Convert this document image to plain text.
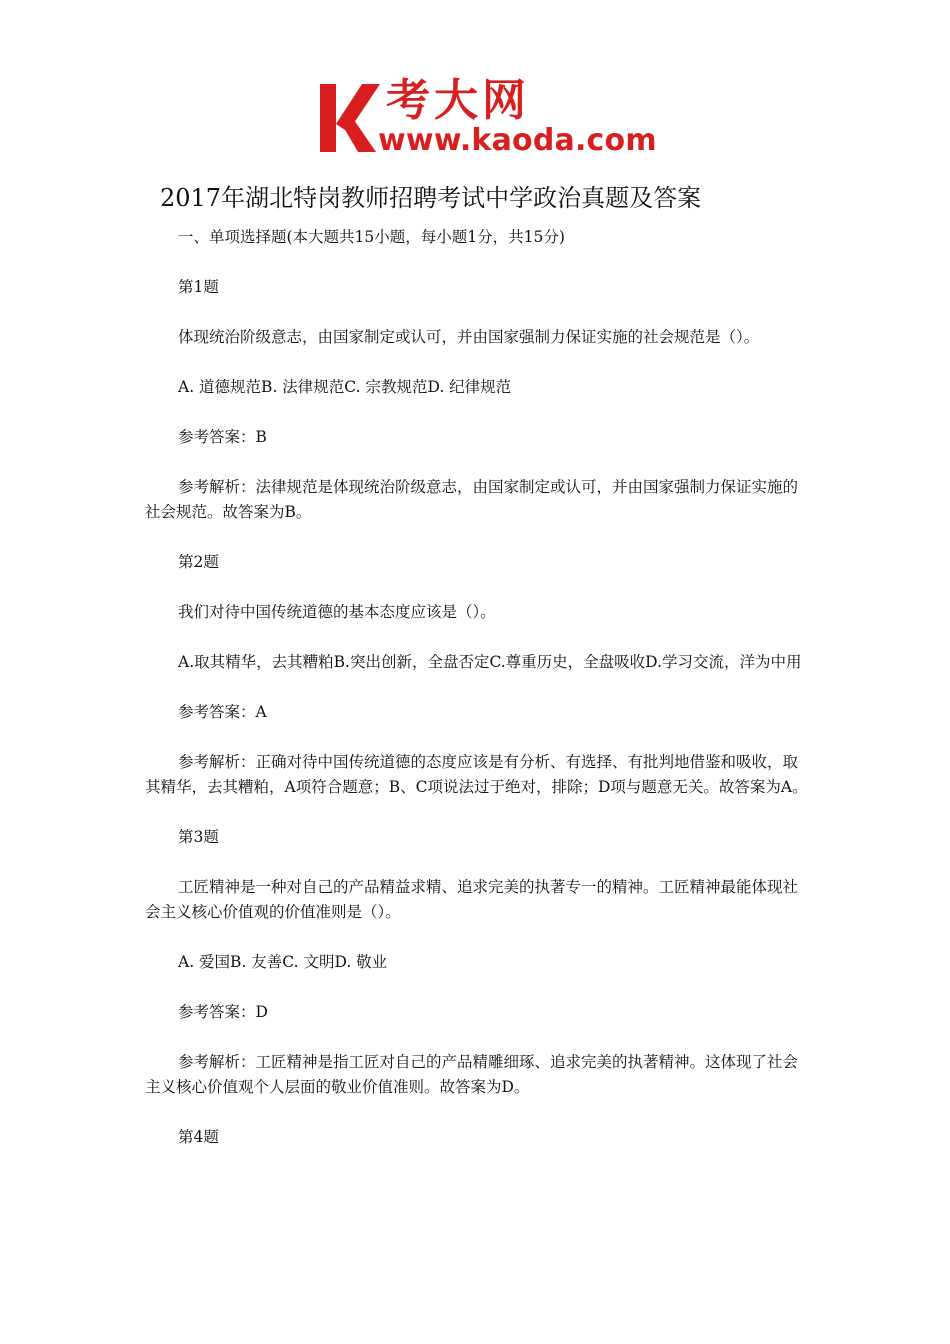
考大网

www.kaoda.com

2017年湖北特岗教师招聘考试中学政治真题及答案

一、单项选择题(本大题共15小题，每小题1分，共15分)

第1题

体现统治阶级意志，由国家制定或认可，并由国家强制力保证实施的社会规范是（）。

A. 道德规范B. 法律规范C. 宗教规范D. 纪律规范

参考答案：B

参考解析：法律规范是体现统治阶级意志，由国家制定或认可，并由国家强制力保证实施的社会规范。故答案为B。

第2题

我们对待中国传统道德的基本态度应该是（）。

A.取其精华，去其糟粕B.突出创新，全盘否定C.尊重历史，全盘吸收D.学习交流，洋为中用

参考答案：A

参考解析：正确对待中国传统道德的态度应该是有分析、有选择、有批判地借鉴和吸收，取其精华，去其糟粕，A项符合题意；B、C项说法过于绝对，排除；D项与题意无关。故答案为A。

第3题

工匠精神是一种对自己的产品精益求精、追求完美的执著专一的精神。工匠精神最能体现社会主义核心价值观的价值准则是（）。

A. 爱国B. 友善C. 文明D. 敬业

参考答案：D

参考解析：工匠精神是指工匠对自己的产品精雕细琢、追求完美的执著精神。这体现了社会主义核心价值观个人层面的敬业价值准则。故答案为D。

第4题
